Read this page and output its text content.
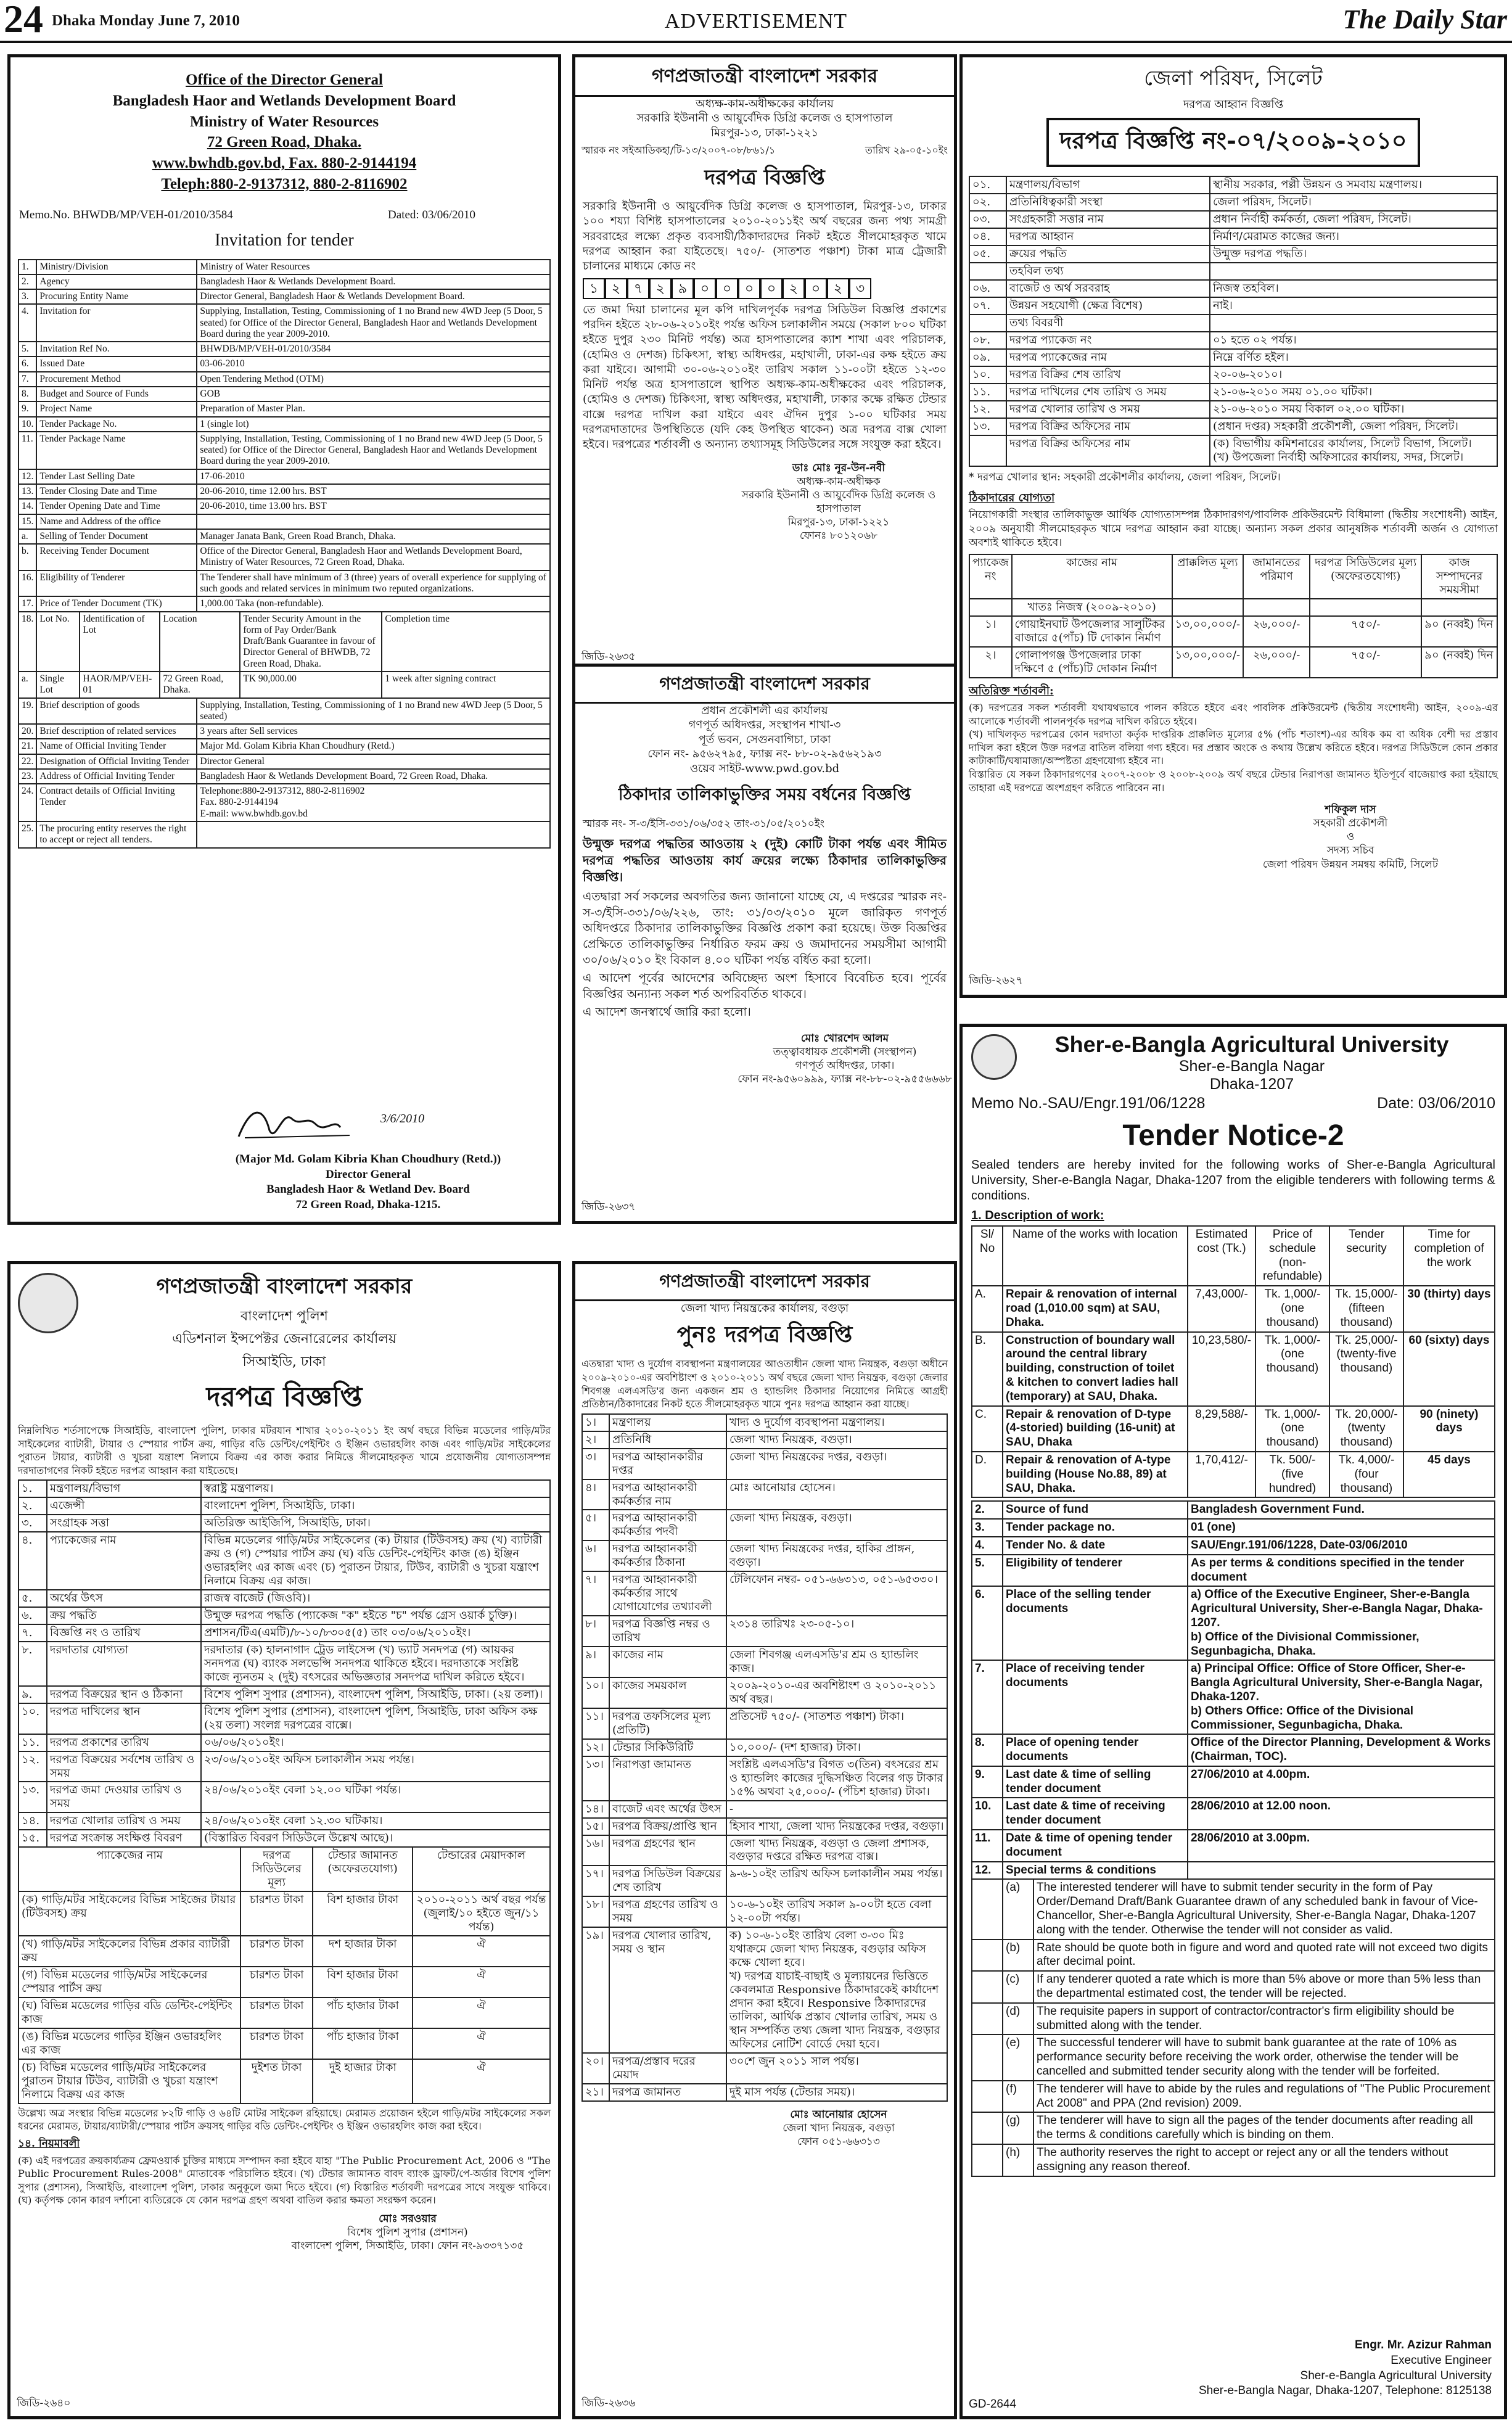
24 Dhaka Monday June 7, 2010	ADVERTISEMENT	The Daily Star
Office of the Director General
Bangladesh Haor and Wetlands Development Board
Ministry of Water Resources
72 Green Road, Dhaka.
www.bwhdb.gov.bd, Fax. 880-2-9144194
Teleph:880-2-9137312, 880-2-8116902
Memo.No. BHWDB/MP/VEH-01/2010/3584	Dated: 03/06/2010
Invitation for tender
1.	Ministry/Division	Ministry of Water Resources
2.	Agency	Bangladesh Haor & Wetlands Development Board.
3.	Procuring Entity Name	Director General, Bangladesh Haor & Wetlands Development Board.
4.	Invitation for	Supplying, Installation, Testing, Commissioning of 1 no Brand new 4WD Jeep (5 Door, 5 seated) for Office of the Director General, Bangladesh Haor and Wetlands Development Board during the year 2009-2010.
5.	Invitation Ref No.	BHWDB/MP/VEH-01/2010/3584
6.	Issued Date	03-06-2010
7.	Procurement Method	Open Tendering Method (OTM)
8.	Budget and Source of Funds	GOB
9.	Project Name	Preparation of Master Plan.
10.	Tender Package No.	1 (single lot)
11.	Tender Package Name	Supplying, Installation, Testing, Commissioning of 1 no Brand new 4WD Jeep (5 Door, 5 seated) for Office of the Director General, Bangladesh Haor and Wetlands Development Board during the year 2009-2010.
12.	Tender Last Selling Date	17-06-2010
13.	Tender Closing Date and Time	20-06-2010, time 12.00 hrs. BST
14.	Tender Opening Date and Time	20-06-2010, time 13.00 hrs. BST
15.	Name and Address of the office	
a.	Selling of Tender Document	Manager Janata Bank, Green Road Branch, Dhaka.
b.	Receiving Tender Document	Office of the Director General, Bangladesh Haor and Wetlands Development Board, Ministry of Water Resources, 72 Green Road, Dhaka.
16.	Eligibility of Tenderer	The Tenderer shall have minimum of 3 (three) years of overall experience for supplying of such goods and related services in minimum two reputed organizations.
17.	Price of Tender Document (TK)	1,000.00 Taka (non-refundable).
18.	Lot No.	Identification of Lot	Location	Tender Security Amount in the form of Pay Order/Bank Draft/Bank Guarantee in favour of Director General of BHWDB, 72 Green Road, Dhaka.	Completion time
a.	Single Lot	HAOR/MP/VEH-01	72 Green Road, Dhaka.	TK 90,000.00	1 week after signing contract
19.	Brief description of goods	Supplying, Installation, Testing, Commissioning of 1 no Brand new 4WD Jeep (5 Door, 5 seated)
20.	Brief description of related services	3 years after Sell services
21.	Name of Official Inviting Tender	Major Md. Golam Kibria Khan Choudhury (Retd.)
22.	Designation of Official Inviting Tender	Director General
23.	Address of Official Inviting Tender	Bangladesh Haor & Wetlands Development Board, 72 Green Road, Dhaka.
24.	Contract details of Official Inviting Tender	Telephone:880-2-9137312, 880-2-8116902
Fax. 880-2-9144194
E-mail: www.bwhdb.gov.bd
25.	The procuring entity reserves the right to accept or reject all tenders.	
3/6/2010
(Major Md. Golam Kibria Khan Choudhury (Retd.))
Director General
Bangladesh Haor & Wetland Dev. Board
72 Green Road, Dhaka-1215.
গণপ্রজাতন্ত্রী বাংলাদেশ সরকার
অধ্যক্ষ-কাম-অধীক্ষকের কার্যালয়
সরকারি ইউনানী ও আয়ুর্বেদিক ডিগ্রি কলেজ ও হাসপাতাল
মিরপুর-১৩, ঢাকা-১২২১
স্মারক নং সইআডিকহা/টি-১৩/২০০৭-০৮/৮৬১/১	তারিখ ২৯-০৫-১০ইং
দরপত্র বিজ্ঞপ্তি
সরকারি ইউনানী ও আয়ুর্বেদিক ডিগ্রি কলেজ ও হাসপাতাল, মিরপুর-১৩, ঢাকার ১০০ শয্যা বিশিষ্ট হাসপাতালের ২০১০-২০১১ইং অর্থ বছরের জন্য পথ্য সামগ্রী সরবরাহের লক্ষ্যে প্রকৃত ব্যবসায়ী/ঠিকাদারদের নিকট হইতে সীলমোহরকৃত খামে দরপত্র আহ্বান করা যাইতেছে। ৭৫০/- (সাতশত পঞ্চাশ) টাকা মাত্র ট্রেজারী চালানের মাধ্যমে কোড নং
১ ২ ৭ ২ ৯ ০ ০ ০ ০ ২ ০ ২ ৩
তে জমা দিয়া চালানের মূল কপি দাখিলপূর্বক দরপত্র সিডিউল বিজ্ঞপ্তি প্রকাশের পরদিন হইতে ২৮-০৬-২০১০ইং পর্যন্ত অফিস চলাকালীন সময়ে (সকাল ৮০০ ঘটিকা হইতে দুপুর ২৩০ মিনিট পর্যন্ত) অত্র হাসপাতালের ক্যাশ শাখা এবং পরিচালক, (হোমিও ও দেশজ) চিকিৎসা, স্বাস্থ্য অধিদপ্তর, মহাখালী, ঢাকা-এর কক্ষ হইতে ক্রয় করা যাইবে। আগামী ৩০-০৬-২০১০ইং তারিখ সকাল ১১-০০টা হইতে ১২-৩০ মিনিট পর্যন্ত অত্র হাসপাতালে স্থাপিত অধ্যক্ষ-কাম-অধীক্ষকের এবং পরিচালক, (হোমিও ও দেশজ) চিকিৎসা, স্বাস্থ্য অধিদপ্তর, মহাখালী, ঢাকার কক্ষে রক্ষিত টেন্ডার বাক্সে দরপত্র দাখিল করা যাইবে এবং ঐদিন দুপুর ১-০০ ঘটিকার সময় দরপত্রদাতাদের উপস্থিতিতে (যদি কেহ উপস্থিত থাকেন) অত্র দরপত্র বাক্স খোলা হইবে। দরপত্রের শর্তাবলী ও অন্যান্য তথ্যাসমূহ সিডিউলের সঙ্গে সংযুক্ত করা হইবে।
ডাঃ মোঃ নূর-উন-নবী
অধ্যক্ষ-কাম-অধীক্ষক
সরকারি ইউনানী ও আয়ুর্বেদিক ডিগ্রি কলেজ ও হাসপাতাল
মিরপুর-১৩, ঢাকা-১২২১
ফোনঃ ৮০১২০৬৮
জিডি-২৬৩৫
গণপ্রজাতন্ত্রী বাংলাদেশ সরকার
প্রধান প্রকৌশলী এর কার্যালয়
গণপূর্ত অধিদপ্তর, সংস্থাপন শাখা-৩
পূর্ত ভবন, সেগুনবাগিচা, ঢাকা
ফোন নং- ৯৫৬২৭৯৫, ফ্যাক্স নং- ৮৮-০২-৯৫৬২১৯৩
ওয়েব সাইট-www.pwd.gov.bd
ঠিকাদার তালিকাভুক্তির সময় বর্ধনের বিজ্ঞপ্তি
স্মারক নং- স-৩/ইসি-৩৩১/০৬/৩৫২ তাং-৩১/০৫/২০১০ইং
উন্মুক্ত দরপত্র পদ্ধতির আওতায় ২ (দুই) কোটি টাকা পর্যন্ত এবং সীমিত দরপত্র পদ্ধতির আওতায় কার্য ক্রয়ের লক্ষ্যে ঠিকাদার তালিকাভুক্তির বিজ্ঞপ্তি।
এতদ্বারা সর্ব সকলের অবগতির জন্য জানানো যাচ্ছে যে, এ দপ্তরের স্মারক নং-স-৩/ইসি-৩৩১/০৬/২২৬, তাং: ৩১/০৩/২০১০ মূলে জারিকৃত গণপূর্ত অধিদপ্তরে ঠিকাদার তালিকাভুক্তির বিজ্ঞপ্তি প্রকাশ করা হয়েছে। উক্ত বিজ্ঞপ্তির প্রেক্ষিতে তালিকাভুক্তির নির্ধারিত ফরম ক্রয় ও জমাদানের সময়সীমা আগামী ৩০/০৬/২০১০ ইং বিকাল ৪.০০ ঘটিকা পর্যন্ত বর্ধিত করা হলো।
এ আদেশ পূর্বের আদেশের অবিচ্ছেদ্য অংশ হিসাবে বিবেচিত হবে। পূর্বের বিজ্ঞপ্তির অন্যান্য সকল শর্ত অপরিবর্তিত থাকবে।
এ আদেশ জনস্বার্থে জারি করা হলো।
মোঃ খোরশেদ আলম
তত্ত্বাবধায়ক প্রকৌশলী (সংস্থাপন)
গণপূর্ত অধিদপ্তর, ঢাকা।
ফোন নং-৯৫৬০৯৯৯, ফ্যাক্স নং-৮৮-০২-৯৫৫৬৬৬৮
জিডি-২৬৩৭
জেলা পরিষদ, সিলেট
দরপত্র আহ্বান বিজ্ঞপ্তি
দরপত্র বিজ্ঞপ্তি নং-০৭/২০০৯-২০১০
০১.	মন্ত্রণালয়/বিভাগ	স্থানীয় সরকার, পল্লী উন্নয়ন ও সমবায় মন্ত্রণালয়।
০২.	প্রতিনিধিত্বকারী সংস্থা	জেলা পরিষদ, সিলেট।
০৩.	সংগ্রহকারী সত্তার নাম	প্রধান নির্বাহী কর্মকর্তা, জেলা পরিষদ, সিলেট।
০৪.	দরপত্র আহ্বান	নির্মাণ/মেরামত কাজের জন্য।
০৫.	ক্রয়ের পদ্ধতি	উন্মুক্ত দরপত্র পদ্ধতি।
	তহবিল তথ্য	
০৬.	বাজেট ও অর্থ সরবরাহ	নিজস্ব তহবিল।
০৭.	উন্নয়ন সহযোগী (ক্ষেত্র বিশেষ)	নাই।
	তথ্য বিবরণী	
০৮.	দরপত্র প্যাকেজ নং	০১ হতে ০২ পর্যন্ত।
০৯.	দরপত্র প্যাকেজের নাম	নিম্নে বর্ণিত হইল।
১০.	দরপত্র বিক্রির শেষ তারিখ	২০-০৬-২০১০।
১১.	দরপত্র দাখিলের শেষ তারিখ ও সময়	২১-০৬-২০১০ সময় ০১.০০ ঘটিকা।
১২.	দরপত্র খোলার তারিখ ও সময়	২১-০৬-২০১০ সময় বিকাল ০২.০০ ঘটিকা।
১৩.	দরপত্র বিক্রির অফিসের নাম	(প্রধান দপ্তর) সহকারী প্রকৌশলী, জেলা পরিষদ, সিলেট।
	দরপত্র বিক্রির অফিসের নাম	(ক) বিভাগীয় কমিশনারের কার্যালয়, সিলেট বিভাগ, সিলেট।
(খ) উপজেলা নির্বাহী অফিসারের কার্যালয়, সদর, সিলেট।
* দরপত্র খোলার স্থান: সহকারী প্রকৌশলীর কার্যালয়, জেলা পরিষদ, সিলেট।
ঠিকাদারের যোগ্যতা
নিয়োগকারী সংস্থার তালিকাভুক্ত আর্থিক যোগ্যতাসম্পন্ন ঠিকাদারগণ/পাবলিক প্রকিউরমেন্ট বিধিমালা (দ্বিতীয় সংশোধনী) আইন, ২০০৯ অনুযায়ী সীলমোহরকৃত খামে দরপত্র আহ্বান করা যাচ্ছে। অন্যান্য সকল প্রকার আনুষঙ্গিক শর্তাবলী অর্জন ও যোগ্যতা অবশ্যই থাকিতে হইবে।
প্যাকেজ নং	কাজের নাম	প্রাক্কলিত মূল্য	জামানতের পরিমাণ	দরপত্র সিডিউলের মূল্য (অফেরতযোগ্য)	কাজ সম্পাদনের সময়সীমা
	খাতঃ নিজস্ব (২০০৯-২০১০)				
১।	গোয়াইনঘাট উপজেলার সালুটিকর বাজারে ৫(পাঁচ) টি দোকান নির্মাণ	১৩,০০,০০০/-	২৬,০০০/-	৭৫০/-	৯০ (নব্বই) দিন
২।	গোলাপগঞ্জ উপজেলার ঢাকা দক্ষিণে ৫ (পাঁচ)টি দোকান নির্মাণ	১৩,০০,০০০/-	২৬,০০০/-	৭৫০/-	৯০ (নব্বই) দিন
অতিরিক্ত শর্তাবলী:
(ক) দরপত্রের সকল শর্তাবলী যথাযথভাবে পালন করিতে হইবে এবং পাবলিক প্রকিউরমেন্ট (দ্বিতীয় সংশোধনী) আইন, ২০০৯-এর আলোকে শর্তাবলী পালনপূর্বক দরপত্র দাখিল করিতে হইবে।
(খ) দাখিলকৃত দরপত্রের কোন দরদাতা কর্তৃক দাপ্তরিক প্রাক্কলিত মূল্যের ৫% (পাঁচ শতাংশ)-এর অধিক কম বা অধিক বেশী দর প্রস্তাব দাখিল করা হইলে উক্ত দরপত্র বাতিল বলিয়া গণ্য হইবে। দর প্রস্তাব অংকে ও কথায় উল্লেখ করিতে হইবে। দরপত্র সিডিউলে কোন প্রকার কাটাকাটি/ঘষামাজা/অস্পষ্টতা গ্রহণযোগ্য হইবে না।
বিস্তারিত যে সকল ঠিকাদারগণের ২০০৭-২০০৮ ও ২০০৮-২০০৯ অর্থ বছরে টেন্ডার নিরাপত্তা জামানত ইতিপূর্বে বাজেয়াপ্ত করা হইয়াছে তাহারা এই দরপত্রে অংশগ্রহণ করিতে পারিবেন না।
শফিকুল দাস
সহকারী প্রকৌশলী
ও
সদস্য সচিব
জেলা পরিষদ উন্নয়ন সমন্বয় কমিটি, সিলেট
জিডি-২৬২৭
গণপ্রজাতন্ত্রী বাংলাদেশ সরকার
বাংলাদেশ পুলিশ
এডিশনাল ইন্সপেক্টর জেনারেলের কার্যালয়
সিআইডি, ঢাকা
দরপত্র বিজ্ঞপ্তি
নিম্নলিখিত শর্তসাপেক্ষে সিআইডি, বাংলাদেশ পুলিশ, ঢাকার মটরযান শাখার ২০১০-২০১১ ইং অর্থ বছরে বিভিন্ন মডেলের গাড়ি/মটর সাইকেলের ব্যাটারী, টায়ার ও স্পেয়ার পার্টস ক্রয়, গাড়ির বডি ডেন্টিং/পেইন্টিং ও ইঞ্জিন ওভারহলিং কাজ এবং গাড়ি/মটর সাইকেলের পুরাতন টায়ার, ব্যাটারী ও খুচরা যন্ত্রাংশ নিলামে বিক্রয় এর কাজ করার নিমিত্তে সীলমোহরকৃত খামে প্রযোজনীয় যোগ্যতাসম্পন্ন দরদাতাগণের নিকট হইতে দরপত্র আহ্বান করা যাইতেছে।
১.	মন্ত্রণালয়/বিভাগ	স্বরাষ্ট্র মন্ত্রণালয়।
২.	এজেন্সী	বাংলাদেশ পুলিশ, সিআইডি, ঢাকা।
৩.	সংগ্রাহক সত্তা	অতিরিক্ত আইজিপি, সিআইডি, ঢাকা।
৪.	প্যাকেজের নাম	বিভিন্ন মডেলের গাড়ি/মটর সাইকেলের (ক) টায়ার (টিউবসহ) ক্রয় (খ) ব্যাটারী ক্রয় ও (গ) স্পেয়ার পার্টস ক্রয় (ঘ) বডি ডেন্টিং-পেইন্টিং কাজ (ঙ) ইঞ্জিন ওভারহলিং এর কাজ এবং (চ) পুরাতন টায়ার, টিউব, ব্যাটারী ও খুচরা যন্ত্রাংশ নিলামে বিক্রয় এর কাজ।
৫.	অর্থের উৎস	রাজস্ব বাজেট (জিওবি)।
৬.	ক্রয় পদ্ধতি	উন্মুক্ত দরপত্র পদ্ধতি (প্যাকেজ "ক" হইতে "চ" পর্যন্ত গ্রেস ওয়ার্ক চুক্তি)।
৭.	বিজ্ঞপ্তি নং ও তারিখ	প্রশাসন/টিএ(এমটি)/৮-১০/৮৩০৫(৫) তাং ০৩/০৬/২০১০ইং।
৮.	দরদাতার যোগ্যতা	দরদাতার (ক) হালনাগাদ ট্রেড লাইসেন্স (খ) ভ্যাট সনদপত্র (গ) আয়কর সনদপত্র (ঘ) ব্যাংক সলভেন্সি সনদপত্র থাকিতে হইবে। দরদাতাকে সংশ্লিষ্ট কাজে ন্যূনতম ২ (দুই) বৎসরের অভিজ্ঞতার সনদপত্র দাখিল করিতে হইবে।
৯.	দরপত্র বিক্রয়ের স্থান ও ঠিকানা	বিশেষ পুলিশ সুপার (প্রশাসন), বাংলাদেশ পুলিশ, সিআইডি, ঢাকা। (২য় তলা)।
১০.	দরপত্র দাখিলের স্থান	বিশেষ পুলিশ সুপার (প্রশাসন), বাংলাদেশ পুলিশ, সিআইডি, ঢাকা অফিস কক্ষ (২য় তলা) সংলগ্ন দরপত্রের বাক্সে।
১১.	দরপত্র প্রকাশের তারিখ	০৬/০৬/২০১০ইং।
১২.	দরপত্র বিক্রয়ের সর্বশেষ তারিখ ও সময়	২৩/০৬/২০১০ইং অফিস চলাকালীন সময় পর্যন্ত।
১৩.	দরপত্র জমা দেওয়ার তারিখ ও সময়	২৪/০৬/২০১০ইং বেলা ১২.০০ ঘটিকা পর্যন্ত।
১৪.	দরপত্র খোলার তারিখ ও সময়	২৪/০৬/২০১০ইং বেলা ১২.৩০ ঘটিকায়।
১৫.	দরপত্র সংক্রান্ত সংক্ষিপ্ত বিবরণ	(বিস্তারিত বিবরণ সিডিউলে উল্লেখ আছে)।
প্যাকেজের নাম	দরপত্র সিডিউলের মূল্য	টেন্ডার জামানত (অফেরতযোগ্য)	টেন্ডারের মেয়াদকাল
(ক) গাড়ি/মটর সাইকেলের বিভিন্ন সাইজের টায়ার (টিউবসহ) ক্রয়	চারশত টাকা	বিশ হাজার টাকা	২০১০-২০১১ অর্থ বছর পর্যন্ত (জুলাই/১০ হইতে জুন/১১ পর্যন্ত)
(খ) গাড়ি/মটর সাইকেলের বিভিন্ন প্রকার ব্যাটারী ক্রয়	চারশত টাকা	দশ হাজার টাকা	ঐ
(গ) বিভিন্ন মডেলের গাড়ি/মটর সাইকেলের স্পেয়ার পার্টস ক্রয়	চারশত টাকা	বিশ হাজার টাকা	ঐ
(ঘ) বিভিন্ন মডেলের গাড়ির বডি ডেন্টিং-পেইন্টিং কাজ	চারশত টাকা	পাঁচ হাজার টাকা	ঐ
(ঙ) বিভিন্ন মডেলের গাড়ির ইঞ্জিন ওভারহলিং এর কাজ	চারশত টাকা	পাঁচ হাজার টাকা	ঐ
(চ) বিভিন্ন মডেলের গাড়ি/মটর সাইকেলের পুরাতন টায়ার টিউব, ব্যাটারী ও খুচরা যন্ত্রাংশ নিলামে বিক্রয় এর কাজ	দুইশত টাকা	দুই হাজার টাকা	ঐ
উল্লেখ্য অত্র সংস্থার বিভিন্ন মডেলের ৮২টি গাড়ি ও ৬৪টি মোটর সাইকেল রহিয়াছে। মেরামত প্রয়োজন হইলে গাড়ি/মটর সাইকেলের সকল ধরনের মেরামত, টায়ার/ব্যাটারী/স্পেয়ার পার্টস ক্রয়সহ গাড়ির বডি ডেন্টিং-পেইন্টিং ও ইঞ্জিন ওভারহলিং কাজ করা হইবে।
১৪. নিয়মাবলী
(ক) এই দরপত্রের ক্রয়কার্য্যক্রম ফ্রেমওয়ার্ক চুক্তির মাধ্যমে সম্পাদন করা হইবে যাহা "The Public Procurement Act, 2006 ও "The Public Procurement Rules-2008" মোতাবেক পরিচালিত হইবে। (খ) টেন্ডার জামানত বাবদ ব্যাংক ড্রাফট/পে-অর্ডার বিশেষ পুলিশ সুপার (প্রশাসন), সিআইডি, বাংলাদেশ পুলিশ, ঢাকার অনুকূলে জমা দিতে হইবে। (গ) বিস্তারিত শর্তাবলী দরপত্রের সাথে সংযুক্ত থাকিবে। (ঘ) কর্তৃপক্ষ কোন কারণ দর্শানো ব্যতিরেকে যে কোন দরপত্র গ্রহণ অথবা বাতিল করার ক্ষমতা সংরক্ষণ করেন।
মোঃ সরওয়ার
বিশেষ পুলিশ সুপার (প্রশাসন)
বাংলাদেশ পুলিশ, সিআইডি, ঢাকা। ফোন নং-৯৩৩৭১৩৫
জিডি-২৬৪০
গণপ্রজাতন্ত্রী বাংলাদেশ সরকার
জেলা খাদ্য নিয়ন্ত্রকের কার্যালয়, বগুড়া
পুনঃ দরপত্র বিজ্ঞপ্তি
এতদ্বারা খাদ্য ও দুর্যোগ ব্যবস্থাপনা মন্ত্রণালয়ের আওতাধীন জেলা খাদ্য নিয়ন্ত্রক, বগুড়া অধীনে ২০০৯-২০১০-এর অবশিষ্টাংশ ও ২০১০-২০১১ অর্থ বছরে জেলা খাদ্য নিয়ন্ত্রক, বগুড়া জেলার শিবগঞ্জ এলএসডি'র জন্য একজন শ্রম ও হ্যান্ডলিং ঠিকাদার নিয়োগের নিমিত্তে আগ্রহী প্রতিষ্ঠান/ঠিকাদারের নিকট হতে সীলমোহরকৃত খামে পুনঃ দরপত্র আহ্বান করা যাচ্ছে।
১।	মন্ত্রণালয়	খাদ্য ও দুর্যোগ ব্যবস্থাপনা মন্ত্রণালয়।
২।	প্রতিনিধি	জেলা খাদ্য নিয়ন্ত্রক, বগুড়া।
৩।	দরপত্র আহ্বানকারীর দপ্তর	জেলা খাদ্য নিয়ন্ত্রকের দপ্তর, বগুড়া।
৪।	দরপত্র আহ্বানকারী কর্মকর্তার নাম	মোঃ আনোয়ার হোসেন।
৫।	দরপত্র আহ্বানকারী কর্মকর্তার পদবী	জেলা খাদ্য নিয়ন্ত্রক, বগুড়া।
৬।	দরপত্র আহ্বানকারী কর্মকর্তার ঠিকানা	জেলা খাদ্য নিয়ন্ত্রকের দপ্তর, হাকির প্রাঙ্গন, বগুড়া।
৭।	দরপত্র আহ্বানকারী কর্মকর্তার সাথে যোগাযোগের তথ্যাবলী	টেলিফোন নম্বর- ০৫১-৬৬৩১৩, ০৫১-৬৫৩৩০।
৮।	দরপত্র বিজ্ঞপ্তি নম্বর ও তারিখ	২৩১৪ তারিখঃ ২৩-০৫-১০।
৯।	কাজের নাম	জেলা শিবগঞ্জ এলএসডি'র শ্রম ও হ্যান্ডলিং কাজ।
১০।	কাজের সময়কাল	২০০৯-২০১০-এর অবশিষ্টাংশ ও ২০১০-২০১১ অর্থ বছর।
১১।	দরপত্র তফসিলের মূল্য (প্রতিটি)	প্রতিসেট ৭৫০/- (সাতশত পঞ্চাশ) টাকা।
১২।	টেন্ডার সিকিউরিটি	১০,০০০/- (দশ হাজার) টাকা।
১৩।	নিরাপত্তা জামানত	সংশ্লিষ্ট এলএসডি'র বিগত ৩(তিন) বৎসরের শ্রম ও হ্যান্ডলিং কাজের দুদ্ধিসঞ্চিত বিলের গড় টাকার ১৫% অথবা ২৫,০০০/- (পঁচিশ হাজার) টাকা।
১৪।	বাজেট এবং অর্থের উৎস	-
১৫।	দরপত্র বিক্রয়/প্রাপ্তি স্থান	হিসাব শাখা, জেলা খাদ্য নিয়ন্ত্রকের দপ্তর, বগুড়া।
১৬।	দরপত্র গ্রহণের স্থান	জেলা খাদ্য নিয়ন্ত্রক, বগুড়া ও জেলা প্রশাসক, বগুড়ার দপ্তরে রক্ষিত দরপত্র বাক্স।
১৭।	দরপত্র সিডিউল বিক্রয়ের শেষ তারিখ	৯-৬-১০ইং তারিখ অফিস চলাকালীন সময় পর্যন্ত।
১৮।	দরপত্র গ্রহণের তারিখ ও সময়	১০-৬-১০ইং তারিখ সকাল ৯-০০টা হতে বেলা ১২-০০টা পর্যন্ত।
১৯।	দরপত্র খোলার তারিখ, সময় ও স্থান	ক) ১০-৬-১০ইং তারিখ বেলা ৩-৩০ মিঃ যথাক্রমে জেলা খাদ্য নিয়ন্ত্রক, বগুড়ার অফিস কক্ষে খোলা হবে।
খ) দরপত্র যাচাই-বাছাই ও মূল্যায়নের ভিত্তিতে কেবলমাত্র Responsive ঠিকাদারকেই কার্যাদেশ প্রদান করা হইবে। Responsive ঠিকাদারদের তালিকা, আর্থিক প্রস্তাব খোলার তারিখ, সময় ও স্থান সম্পর্কিত তথ্য জেলা খাদ্য নিয়ন্ত্রক, বগুড়ার অফিসের নোটিশ বোর্ডে দেয়া হবে।
২০।	দরপত্র/প্রস্তাব দরের মেয়াদ	৩০শে জুন ২০১১ সাল পর্যন্ত।
২১।	দরপত্র জামানত	দুই মাস পর্যন্ত (টেন্ডার সময়)।
মোঃ আনোয়ার হোসেন
জেলা খাদ্য নিয়ন্ত্রক, বগুড়া
ফোন ০৫১-৬৬৩১৩
জিডি-২৬৩৬
Sher-e-Bangla Agricultural University
Sher-e-Bangla Nagar
Dhaka-1207
Memo No.-SAU/Engr.191/06/1228	Date: 03/06/2010
Tender Notice-2
Sealed tenders are hereby invited for the following works of Sher-e-Bangla Agricultural University, Sher-e-Bangla Nagar, Dhaka-1207 from the eligible tenderers with following terms & conditions.
1. Description of work:
Sl/ No	Name of the works with location	Estimated cost (Tk.)	Price of schedule (non-refundable)	Tender security	Time for completion of the work
A.	Repair & renovation of internal road (1,010.00 sqm) at SAU, Dhaka.	7,43,000/-	Tk. 1,000/- (one thousand)	Tk. 15,000/- (fifteen thousand)	30 (thirty) days
B.	Construction of boundary wall around the central library building, construction of toilet & kitchen to convert ladies hall (temporary) at SAU, Dhaka.	10,23,580/-	Tk. 1,000/- (one thousand)	Tk. 25,000/- (twenty-five thousand)	60 (sixty) days
C.	Repair & renovation of D-type (4-storied) building (16-unit) at SAU, Dhaka	8,29,588/-	Tk. 1,000/- (one thousand)	Tk. 20,000/- (twenty thousand)	90 (ninety) days
D.	Repair & renovation of A-type building (House No.88, 89) at SAU, Dhaka.	1,70,412/-	Tk. 500/- (five hundred)	Tk. 4,000/- (four thousand)	45 days
2.	Source of fund	Bangladesh Government Fund.
3.	Tender package no.	01 (one)
4.	Tender No. & date	SAU/Engr.191/06/1228, Date-03/06/2010
5.	Eligibility of tenderer	As per terms & conditions specified in the tender document
6.	Place of the selling tender documents	a) Office of the Executive Engineer, Sher-e-Bangla Agricultural University, Sher-e-Bangla Nagar, Dhaka-1207.
b) Office of the Divisional Commissioner, Segunbagicha, Dhaka.
7.	Place of receiving tender documents	a) Principal Office: Office of Store Officer, Sher-e-Bangla Agricultural University, Sher-e-Bangla Nagar, Dhaka-1207.
b) Others Office: Office of the Divisional Commissioner, Segunbagicha, Dhaka.
8.	Place of opening tender documents	Office of the Director Planning, Development & Works (Chairman, TOC).
9.	Last date & time of selling tender document	27/06/2010 at 4.00pm.
10.	Last date & time of receiving tender document	28/06/2010 at 12.00 noon.
11.	Date & time of opening tender document	28/06/2010 at 3.00pm.
12.	Special terms & conditions	
	(a)	The interested tenderer will have to submit tender security in the form of Pay Order/Demand Draft/Bank Guarantee drawn of any scheduled bank in favour of Vice-Chancellor, Sher-e-Bangla Agricultural University, Sher-e-Bangla Nagar, Dhaka-1207 along with the tender. Otherwise the tender will not consider as valid.
	(b)	Rate should be quote both in figure and word and quoted rate will not exceed two digits after decimal point.
	(c)	If any tenderer quoted a rate which is more than 5% above or more than 5% less than the departmental estimated cost, the tender will be rejected.
	(d)	The requisite papers in support of contractor/contractor's firm eligibility should be submitted along with the tender.
	(e)	The successful tenderer will have to submit bank guarantee at the rate of 10% as performance security before receiving the work order, otherwise the tender will be cancelled and submitted tender security along with the tender will be forfeited.
	(f)	The tenderer will have to abide by the rules and regulations of "The Public Procurement Act 2008" and PPA (2nd revision) 2009.
	(g)	The tenderer will have to sign all the pages of the tender documents after reading all the terms & conditions carefully which is binding on them.
	(h)	The authority reserves the right to accept or reject any or all the tenders without assigning any reason thereof.
Engr. Mr. Azizur Rahman
Executive Engineer
Sher-e-Bangla Agricultural University
Sher-e-Bangla Nagar, Dhaka-1207, Telephone: 8125138
GD-2644
